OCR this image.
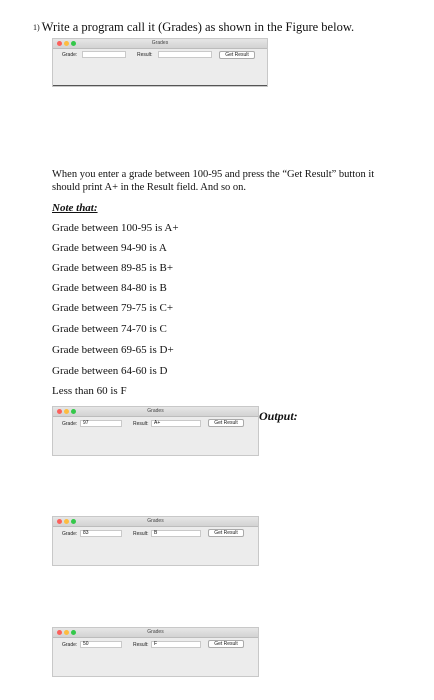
1) Write a program call it (Grades) as shown in the Figure below.
Grades
Grade:	Result:	Get Result
When you enter a grade between 100-95 and press the “Get Result” button it should print A+ in the Result field. And so on.
Note that:
Grade between 100-95 is A+
Grade between 94-90 is A
Grade between 89-85 is B+
Grade between 84-80 is B
Grade between 79-75 is C+
Grade between 74-70 is C
Grade between 69-65 is D+
Grade between 64-60 is D
Less than 60 is F
Output:
Grades
Grade:	97	Result:	A+	Get Result
Grades
Grade:	83	Result:	B	Get Result
Grades
Grade:	50	Result:	F	Get Result
